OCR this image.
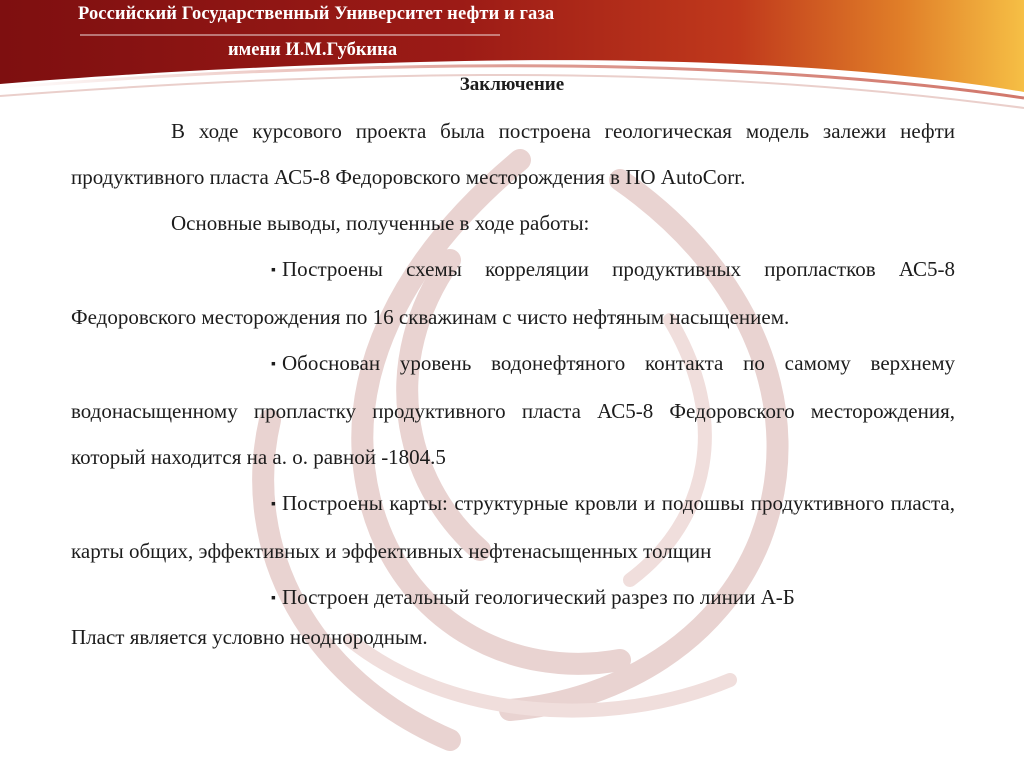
Российский Государственный Университет нефти и газа
имени И.М.Губкина
Заключение

В ходе курсового проекта была построена геологическая модель залежи нефти продуктивного пласта АС5-8 Федоровского месторождения в ПО AutoCorr.

Основные выводы, полученные в ходе работы:

▪ Построены схемы корреляции продуктивных пропластков АС5-8 Федоровского месторождения по 16 скважинам с чисто нефтяным насыщением.

▪ Обоснован уровень водонефтяного контакта по самому верхнему водонасыщенному пропластку продуктивного пласта АС5-8 Федоровского месторождения, который находится на а. о. равной -1804.5

▪ Построены карты: структурные кровли и подошвы продуктивного пласта, карты общих, эффективных и эффективных нефтенасыщенных толщин

▪ Построен детальный геологический разрез по линии А-Б

Пласт является условно неоднородным.
